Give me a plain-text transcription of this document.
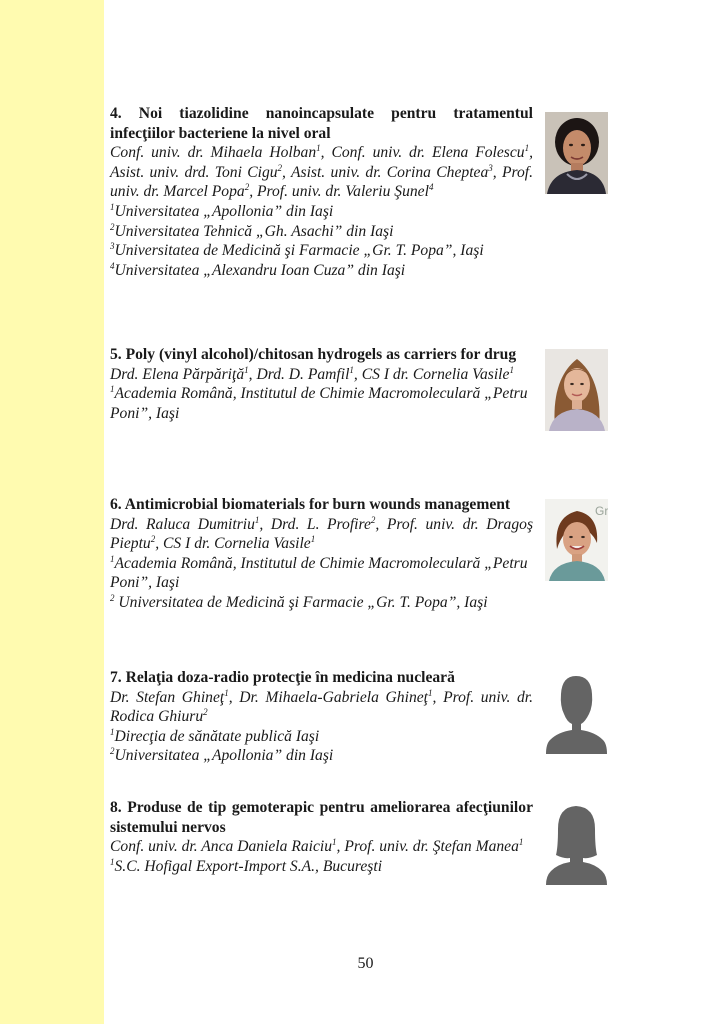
4. Noi tiazolidine nanoincapsulate pentru tratamentul infecţiilor bacteriene la nivel oral
Conf. univ. dr. Mihaela Holban$^1$, Conf. univ. dr. Elena Folescu$^1$, Asist. univ. drd. Toni Cigu$^2$, Asist. univ. dr. Corina Cheptea$^3$, Prof. univ. dr. Marcel Popa$^2$, Prof. univ. dr. Valeriu Şunel$^4$
$^1$Universitatea „Apollonia” din Iaşi
$^2$Universitatea Tehnică „Gh. Asachi” din Iaşi
$^3$Universitatea de Medicină şi Farmacie „Gr. T. Popa”, Iaşi
$^4$Universitatea „Alexandru Ioan Cuza” din Iaşi
5. Poly (vinyl alcohol)/chitosan hydrogels as carriers for drug
Drd. Elena Părpăriţă$^1$, Drd. D. Pamfil$^1$, CS I dr. Cornelia Vasile$^1$
$^1$Academia Română, Institutul de Chimie Macromoleculară „Petru Poni”, Iaşi
6. Antimicrobial biomaterials for burn wounds management
Drd. Raluca Dumitriu$^1$, Drd. L. Profire$^2$, Prof. univ. dr. Dragoş Pieptu$^2$, CS I dr. Cornelia Vasile$^1$
$^1$Academia Română, Institutul de Chimie Macromoleculară „Petru Poni”, Iaşi
$^2$ Universitatea de Medicină şi Farmacie „Gr. T. Popa”, Iaşi
Gr
7. Relaţia doza-radio protecţie în medicina nucleară
Dr. Stefan Ghineţ$^1$, Dr. Mihaela-Gabriela Ghineţ$^1$, Prof. univ. dr. Rodica Ghiuru$^2$
$^1$Direcţia de sănătate publică Iaşi
$^2$Universitatea „Apollonia” din Iaşi
8. Produse de tip gemoterapic pentru ameliorarea afecţiunilor sistemului nervos
Conf. univ. dr. Anca Daniela Raiciu$^1$, Prof. univ. dr. Ştefan Manea$^1$
$^1$S.C. Hofigal Export-Import S.A., Bucureşti
50
